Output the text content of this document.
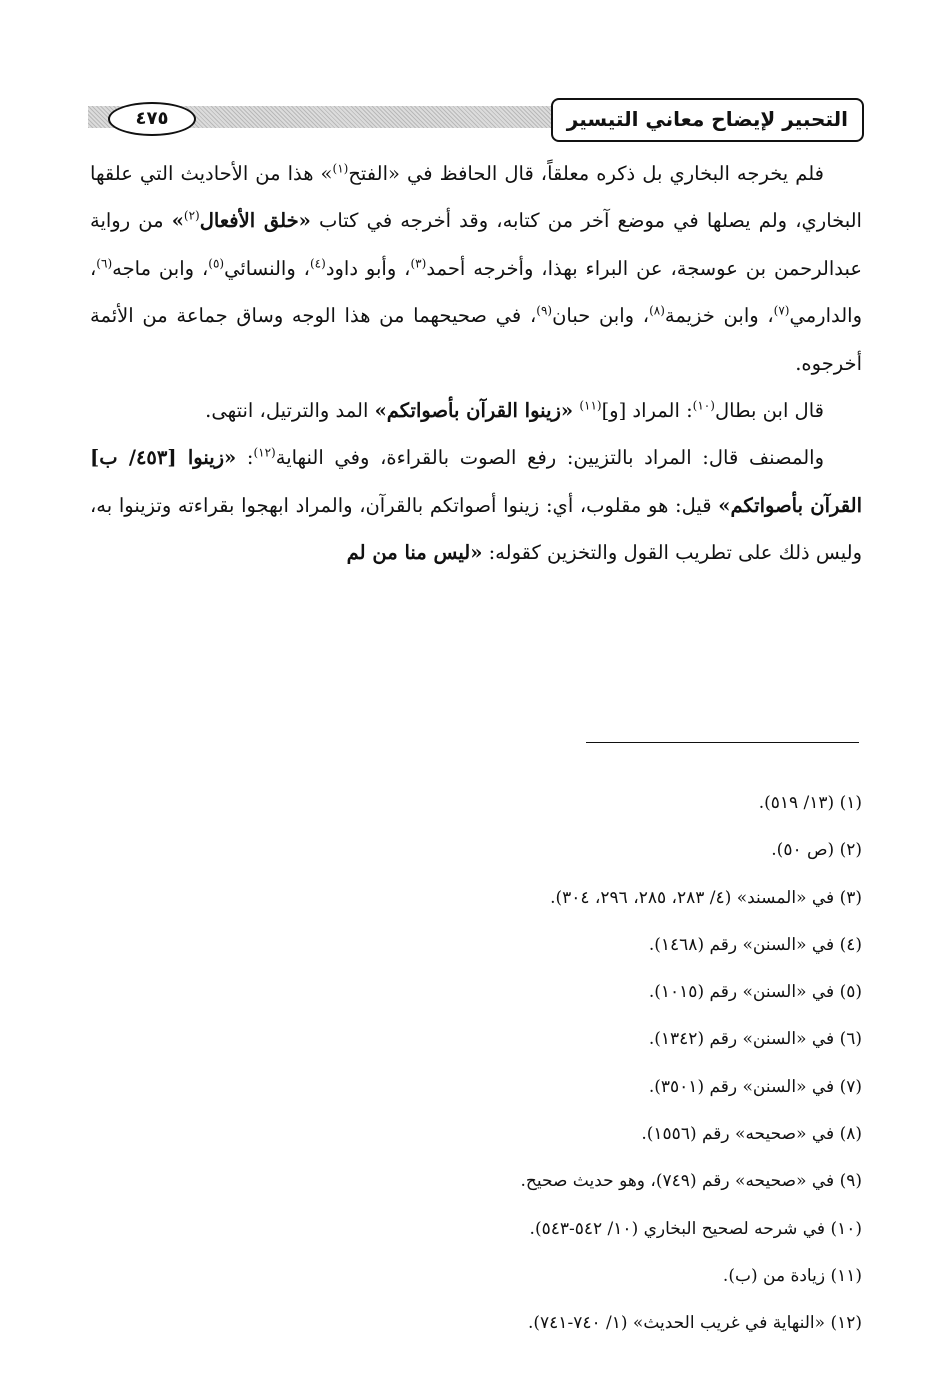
٤٧٥	التحبير لإيضاح معاني التيسير

فلم يخرجه البخاري بل ذكره معلقاً، قال الحافظ في «الفتح$^{(١)}$» هذا من الأحاديث التي علقها البخاري، ولم يصلها في موضع آخر من كتابه، وقد أخرجه في كتاب «خلق الأفعال$^{(٢)}$» من رواية عبدالرحمن بن عوسجة، عن البراء بهذا، وأخرجه أحمد$^{(٣)}$، وأبو داود$^{(٤)}$، والنسائي$^{(٥)}$، وابن ماجه$^{(٦)}$، والدارمي$^{(٧)}$، وابن خزيمة$^{(٨)}$، وابن حبان$^{(٩)}$، في صحيحهما من هذا الوجه وساق جماعة من الأئمة أخرجوه.

قال ابن بطال$^{(١٠)}$: المراد [و]$^{(١١)}$ «زينوا القرآن بأصواتكم» المد والترتيل، انتهى.

والمصنف قال: المراد بالتزيين: رفع الصوت بالقراءة، وفي النهاية$^{(١٢)}$: «زينوا [٤٥٣/ ب] القرآن بأصواتكم» قيل: هو مقلوب، أي: زينوا أصواتكم بالقرآن، والمراد ابهجوا بقراءته وتزينوا به، وليس ذلك على تطريب القول والتخزين كقوله: «ليس منا من لم

(١) (١٣/ ٥١٩).
(٢) (ص ٥٠).
(٣) في «المسند» (٤/ ٢٨٣، ٢٨٥، ٢٩٦، ٣٠٤).
(٤) في «السنن» رقم (١٤٦٨).
(٥) في «السنن» رقم (١٠١٥).
(٦) في «السنن» رقم (١٣٤٢).
(٧) في «السنن» رقم (٣٥٠١).
(٨) في «صحيحه» رقم (١٥٥٦).
(٩) في «صحيحه» رقم (٧٤٩)، وهو حديث صحيح.
(١٠) في شرحه لصحيح البخاري (١٠/ ٥٤٢-٥٤٣).
(١١) زيادة من (ب).
(١٢) «النهاية في غريب الحديث» (١/ ٧٤٠-٧٤١).
